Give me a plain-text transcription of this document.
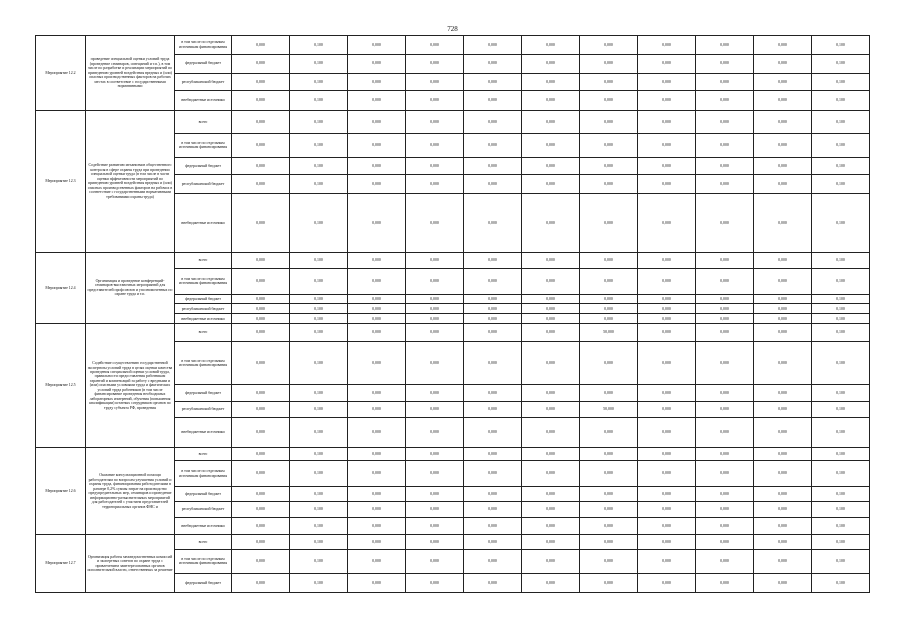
728
Мероприятие 12.2	проведение специальной оценки условий труда (проведение семинаров, совещаний и т.п.), в том числе по разработке и реализации мероприятий по приведению уровней воздействия вредных и (или) опасных производственных факторов на рабочих местах в соответствие с государственными нормативными	в том числе по отдельным источникам финансирования	0,000	0,100	0,000	0,000	0,000	0,000	0,000	0,000	0,000	0,000	0,100
		федеральный бюджет	0,000	0,100	0,000	0,000	0,000	0,000	0,000	0,000	0,000	0,000	0,100
		республиканский бюджет	0,000	0,100	0,000	0,000	0,000	0,000	0,000	0,000	0,000	0,000	0,100
		внебюджетные источники	0,000	0,100	0,000	0,000	0,000	0,000	0,000	0,000	0,000	0,000	0,100
Мероприятие 12.3	Содействие развитию механизмов общественного контроля в сфере охраны труда при проведении специальной оценки труда (в том числе в части оценки эффективности мероприятий по приведению уровней воздействия вредных и (или) опасных производственных факторов на рабочих в соответствие с государственными нормативными требованиями охраны труда)	всего	0,000	0,100	0,000	0,000	0,000	0,000	0,000	0,000	0,000	0,000	0,100
		в том числе по отдельным источникам финансирования	0,000	0,100	0,000	0,000	0,000	0,000	0,000	0,000	0,000	0,000	0,100
		федеральный бюджет	0,000	0,100	0,000	0,000	0,000	0,000	0,000	0,000	0,000	0,000	0,100
		республиканский бюджет	0,000	0,100	0,000	0,000	0,000	0,000	0,000	0,000	0,000	0,000	0,100
		внебюджетные источники	0,000	0,100	0,000	0,000	0,000	0,000	0,000	0,000	0,000	0,000	0,100
Мероприятие 12.4	Организация и проведение конференций-семинаров-выставочных мероприятий для представителей профсоюзов и уполномоченных по охране труда и т.п.	всего	0,000	0,100	0,000	0,000	0,000	0,000	0,000	0,000	0,000	0,000	0,100
		в том числе по отдельным источникам финансирования	0,000	0,100	0,000	0,000	0,000	0,000	0,000	0,000	0,000	0,000	0,100
		федеральный бюджет	0,000	0,100	0,000	0,000	0,000	0,000	0,000	0,000	0,000	0,000	0,100
		республиканский бюджет	0,000	0,100	0,000	0,000	0,000	0,000	0,000	0,000	0,000	0,000	0,100
		внебюджетные источники	0,000	0,100	0,000	0,000	0,000	0,000	0,000	0,000	0,000	0,000	0,100
Мероприятие 12.5	Содействие осуществлению государственной экспертизы условий труда в целях оценки качества проведения специальной оценки условий труда, правильности предоставления работникам гарантий и компенсаций за работу с вредными и (или) опасными условиями труда и фактических условий труда работников (в том числе финансирование проведения необходимых лабораторных измерений, обучения (повышения квалификации) штатных сотрудников органов по труду субъекта РФ, проведения	всего	0,000	0,100	0,000	0,000	0,000	0,000	50,000	0,000	0,000	0,000	0,100
		в том числе по отдельным источникам финансирования	0,000	0,100	0,000	0,000	0,000	0,000	0,000	0,000	0,000	0,000	0,100
		федеральный бюджет	0,000	0,100	0,000	0,000	0,000	0,000	0,000	0,000	0,000	0,000	0,100
		республиканский бюджет	0,000	0,100	0,000	0,000	0,000	0,000	50,000	0,000	0,000	0,000	0,100
		внебюджетные источники	0,000	0,100	0,000	0,000	0,000	0,000	0,000	0,000	0,000	0,000	0,100
Мероприятие 12.6	Оказание консультационной помощи работодателям по вопросам улучшения условий и охраны труда, финансирования работодателями в размере 0,2% суммы затрат на производство предупредительных мер, семинаров и проведение информационно-разъяснительных мероприятий для работодателей с участием представителей территориальных органов ФНС и	всего	0,000	0,100	0,000	0,000	0,000	0,000	0,000	0,000	0,000	0,000	0,100
		в том числе по отдельным источникам финансирования	0,000	0,100	0,000	0,000	0,000	0,000	0,000	0,000	0,000	0,000	0,100
		федеральный бюджет	0,000	0,100	0,000	0,000	0,000	0,000	0,000	0,000	0,000	0,000	0,100
		республиканский бюджет	0,000	0,100	0,000	0,000	0,000	0,000	0,000	0,000	0,000	0,000	0,100
		внебюджетные источники	0,000	0,100	0,000	0,000	0,000	0,000	0,000	0,000	0,000	0,000	0,100
Мероприятие 12.7	Организация работы межведомственных комиссий и экспертных советов по охране труда с привлечением заинтересованных органов исполнительной власти, ответственных за решение	всего	0,000	0,100	0,000	0,000	0,000	0,000	0,000	0,000	0,000	0,000	0,100
		в том числе по отдельным источникам финансирования	0,000	0,100	0,000	0,000	0,000	0,000	0,000	0,000	0,000	0,000	0,100
		федеральный бюджет	0,000	0,100	0,000	0,000	0,000	0,000	0,000	0,000	0,000	0,000	0,100
